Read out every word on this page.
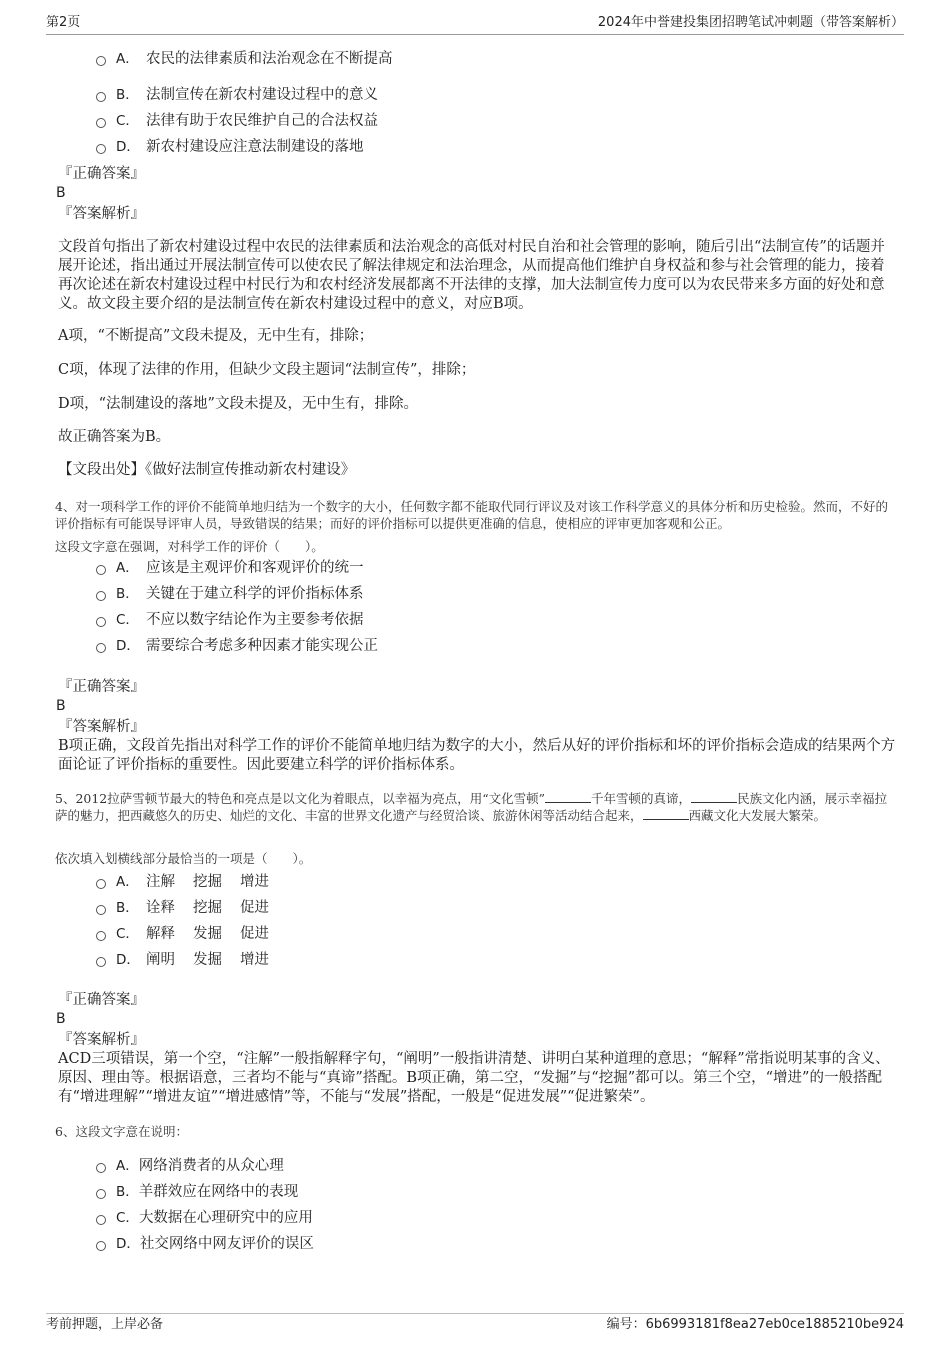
第2页	2024年中誉建投集团招聘笔试冲刺题（带答案解析）
A． 农民的法律素质和法治观念在不断提高
B． 法制宣传在新农村建设过程中的意义
C． 法律有助于农民维护自己的合法权益
D． 新农村建设应注意法制建设的落地

『正确答案』

B

『答案解析』

文段首句指出了新农村建设过程中农民的法律素质和法治观念的高低对村民自治和社会管理的影响，随后引出“法制宣传”的话题并展开论述，指出通过开展法制宣传可以使农民了解法律规定和法治理念，从而提高他们维护自身权益和参与社会管理的能力，接着再次论述在新农村建设过程中村民行为和农村经济发展都离不开法律的支撑，加大法制宣传力度可以为农民带来多方面的好处和意义。故文段主要介绍的是法制宣传在新农村建设过程中的意义，对应B项。

A项，“不断提高”文段未提及，无中生有，排除；

C项，体现了法律的作用，但缺少文段主题词“法制宣传”，排除；

D项，“法制建设的落地”文段未提及，无中生有，排除。

故正确答案为B。

【文段出处】《做好法制宣传推动新农村建设》

4、对一项科学工作的评价不能简单地归结为一个数字的大小，任何数字都不能取代同行评议及对该工作科学意义的具体分析和历史检验。然而，不好的评价指标有可能误导评审人员，导致错误的结果；而好的评价指标可以提供更准确的信息，使相应的评审更加客观和公正。

这段文字意在强调，对科学工作的评价（　　）。

A． 应该是主观评价和客观评价的统一
B． 关键在于建立科学的评价指标体系
C． 不应以数字结论作为主要参考依据
D． 需要综合考虑多种因素才能实现公正

『正确答案』

B

『答案解析』

B项正确，文段首先指出对科学工作的评价不能简单地归结为数字的大小，然后从好的评价指标和坏的评价指标会造成的结果两个方面论证了评价指标的重要性。因此要建立科学的评价指标体系。

5、2012拉萨雪顿节最大的特色和亮点是以文化为着眼点，以幸福为亮点，用“文化雪顿”	千年雪顿的真谛，	民族文化内涵，展示幸福拉萨的魅力，把西藏悠久的历史、灿烂的文化、丰富的世界文化遗产与经贸洽谈、旅游休闲等活动结合起来，	西藏文化大发展大繁荣。

依次填入划横线部分最恰当的一项是（　　）。

A． 注解 挖掘 增进
B． 诠释 挖掘 促进
C． 解释 发掘 促进
D． 阐明 发掘 增进

『正确答案』

B

『答案解析』

ACD三项错误，第一个空，“注解”一般指解释字句，“阐明”一般指讲清楚、讲明白某种道理的意思；“解释”常指说明某事的含义、原因、理由等。根据语意，三者均不能与“真谛”搭配。B项正确，第二空，“发掘”与“挖掘”都可以。第三个空，“增进”的一般搭配有“增进理解”“增进友谊”“增进感情”等，不能与“发展”搭配，一般是“促进发展”“促进繁荣”。

6、这段文字意在说明：

A． 网络消费者的从众心理
B． 羊群效应在网络中的表现
C． 大数据在心理研究中的应用
D． 社交网络中网友评价的误区
考前押题，上岸必备	编号：6b6993181f8ea27eb0ce1885210be924
